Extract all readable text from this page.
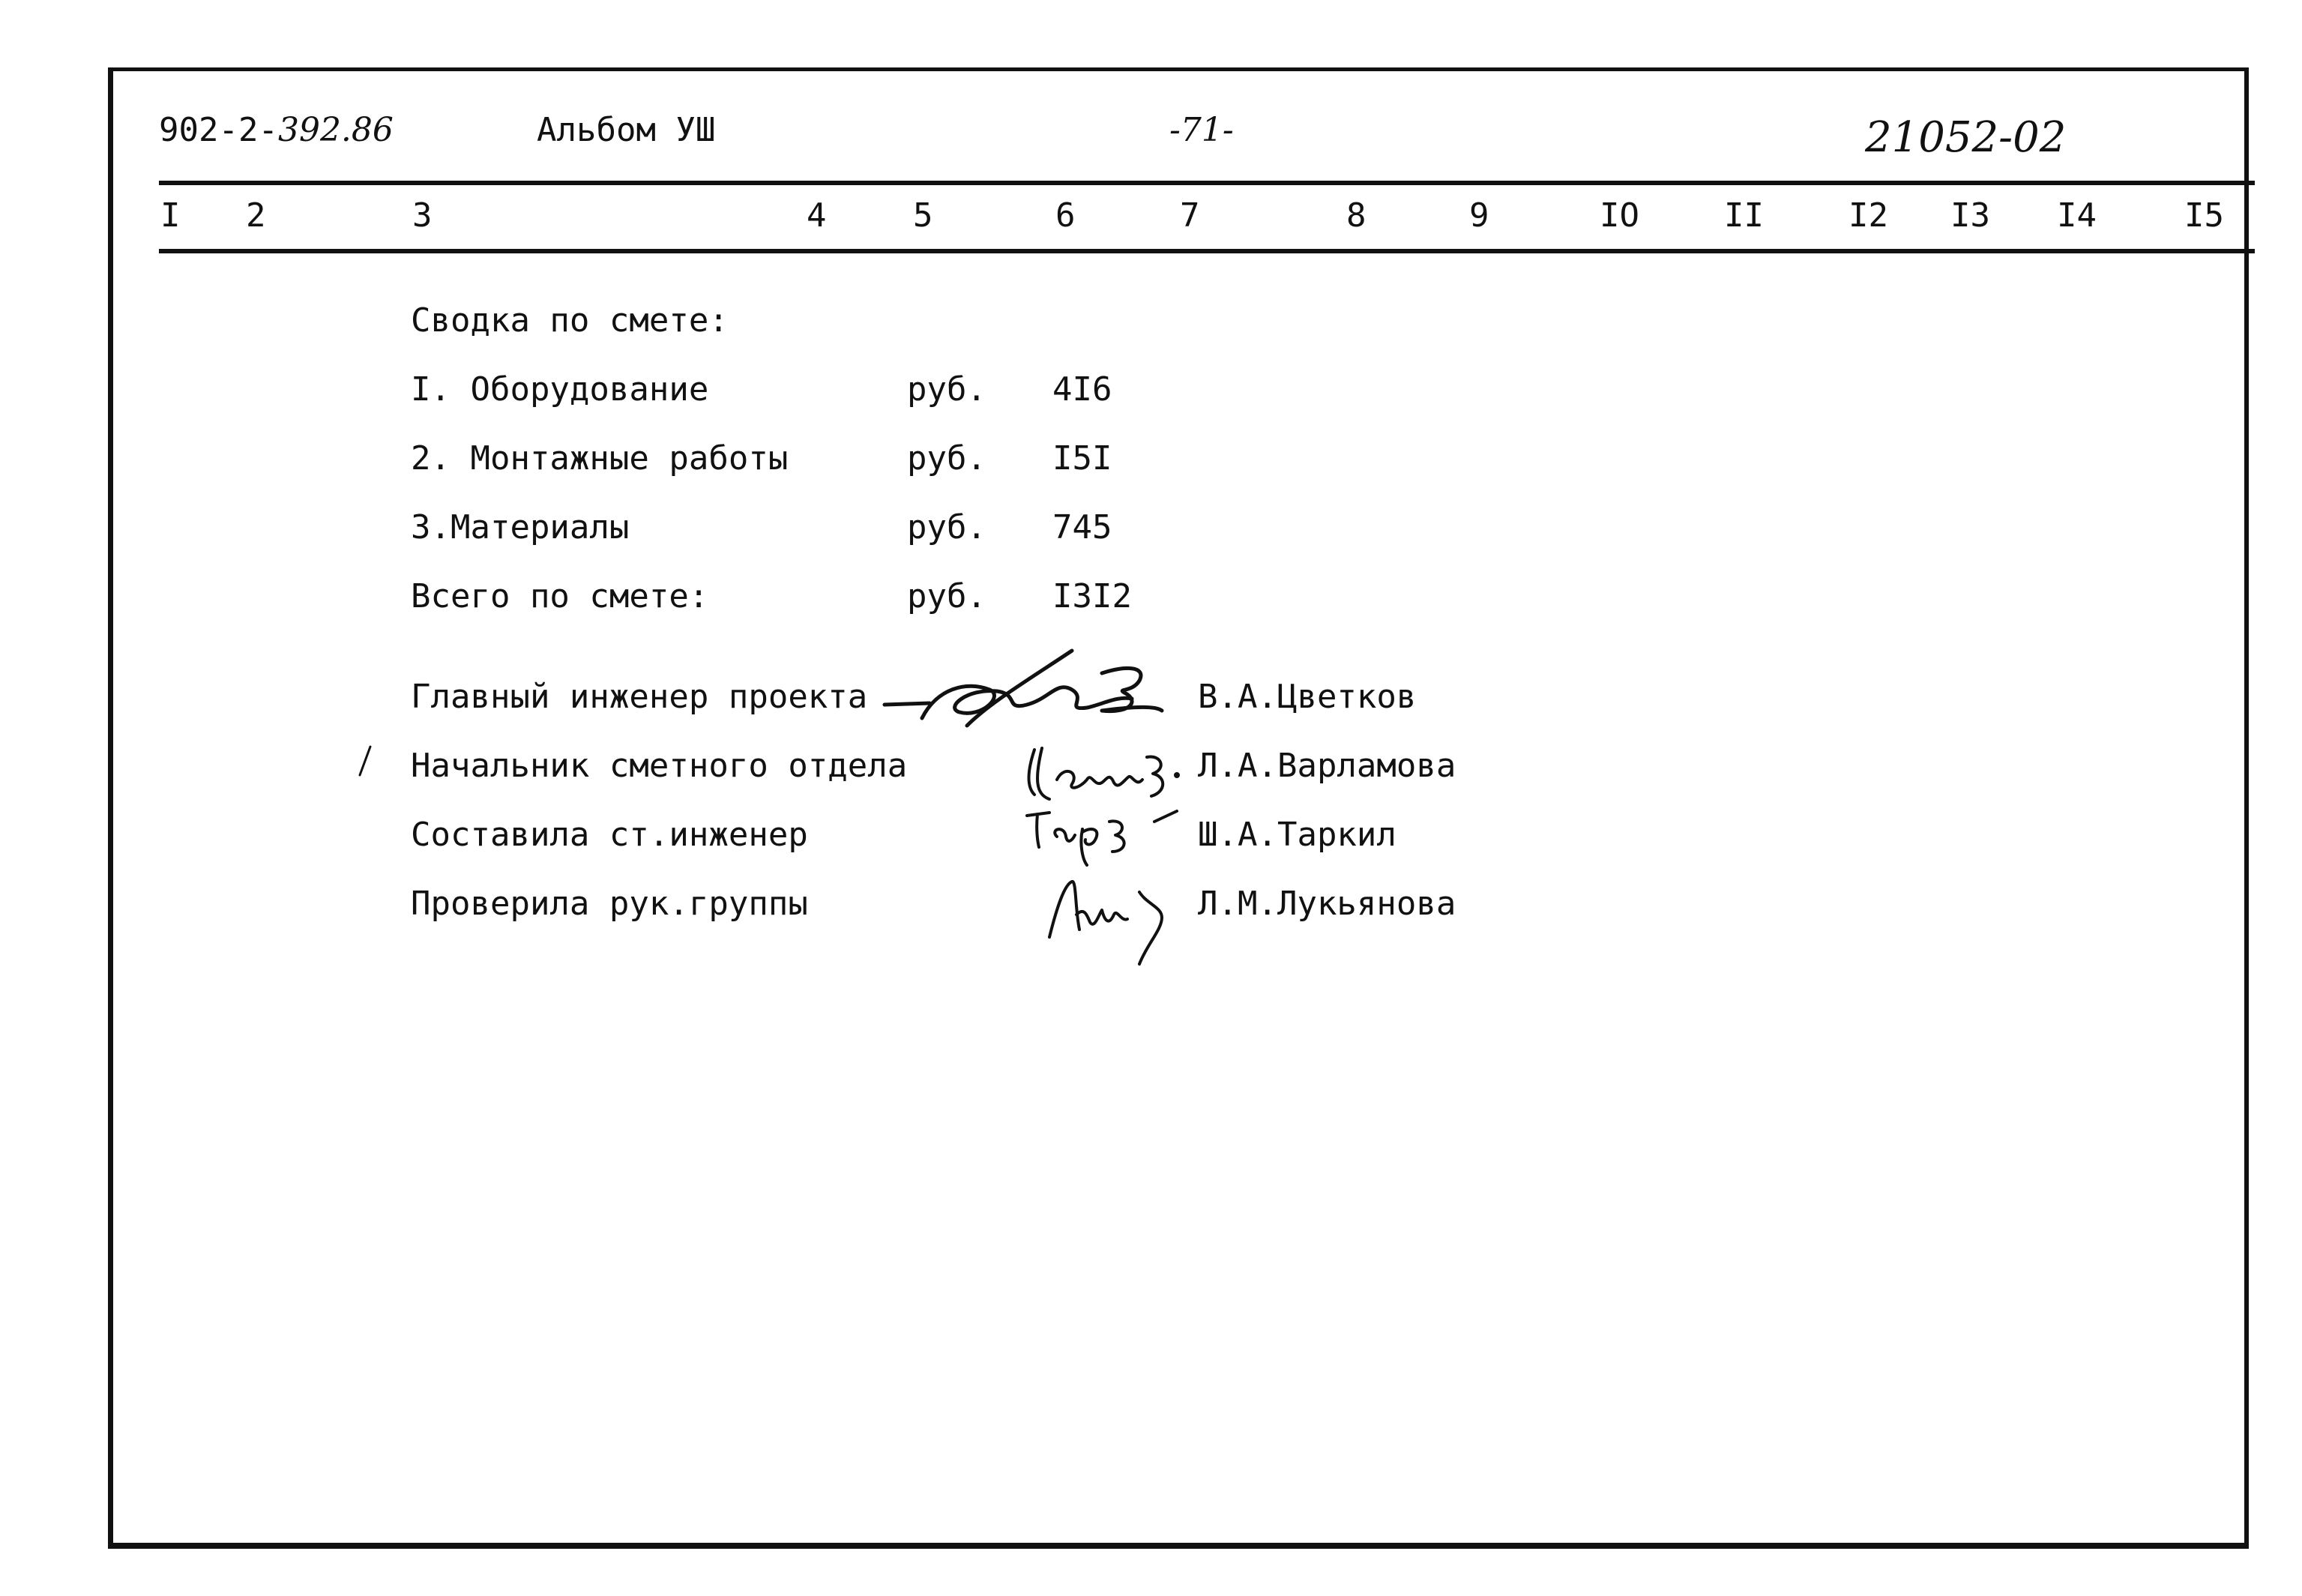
902-2-392.86	Альбом УШ	-71-	21052-02
I 2	3	4	5	6	7	8	9	IO	II	I2 I3 I4	I5
Сводка по смете:
I. Оборудование	руб. 4I6
2. Монтажные работы	руб. I5I
3.Материалы	руб. 745
Всего по смете:	руб. I3I2
Главный инженер проекта	В.А.Цветков
Начальник сметного отдела	Л.А.Варламова
Составила ст.инженер	Ш.А.Таркил
Проверила рук.группы	Л.М.Лукьянова
